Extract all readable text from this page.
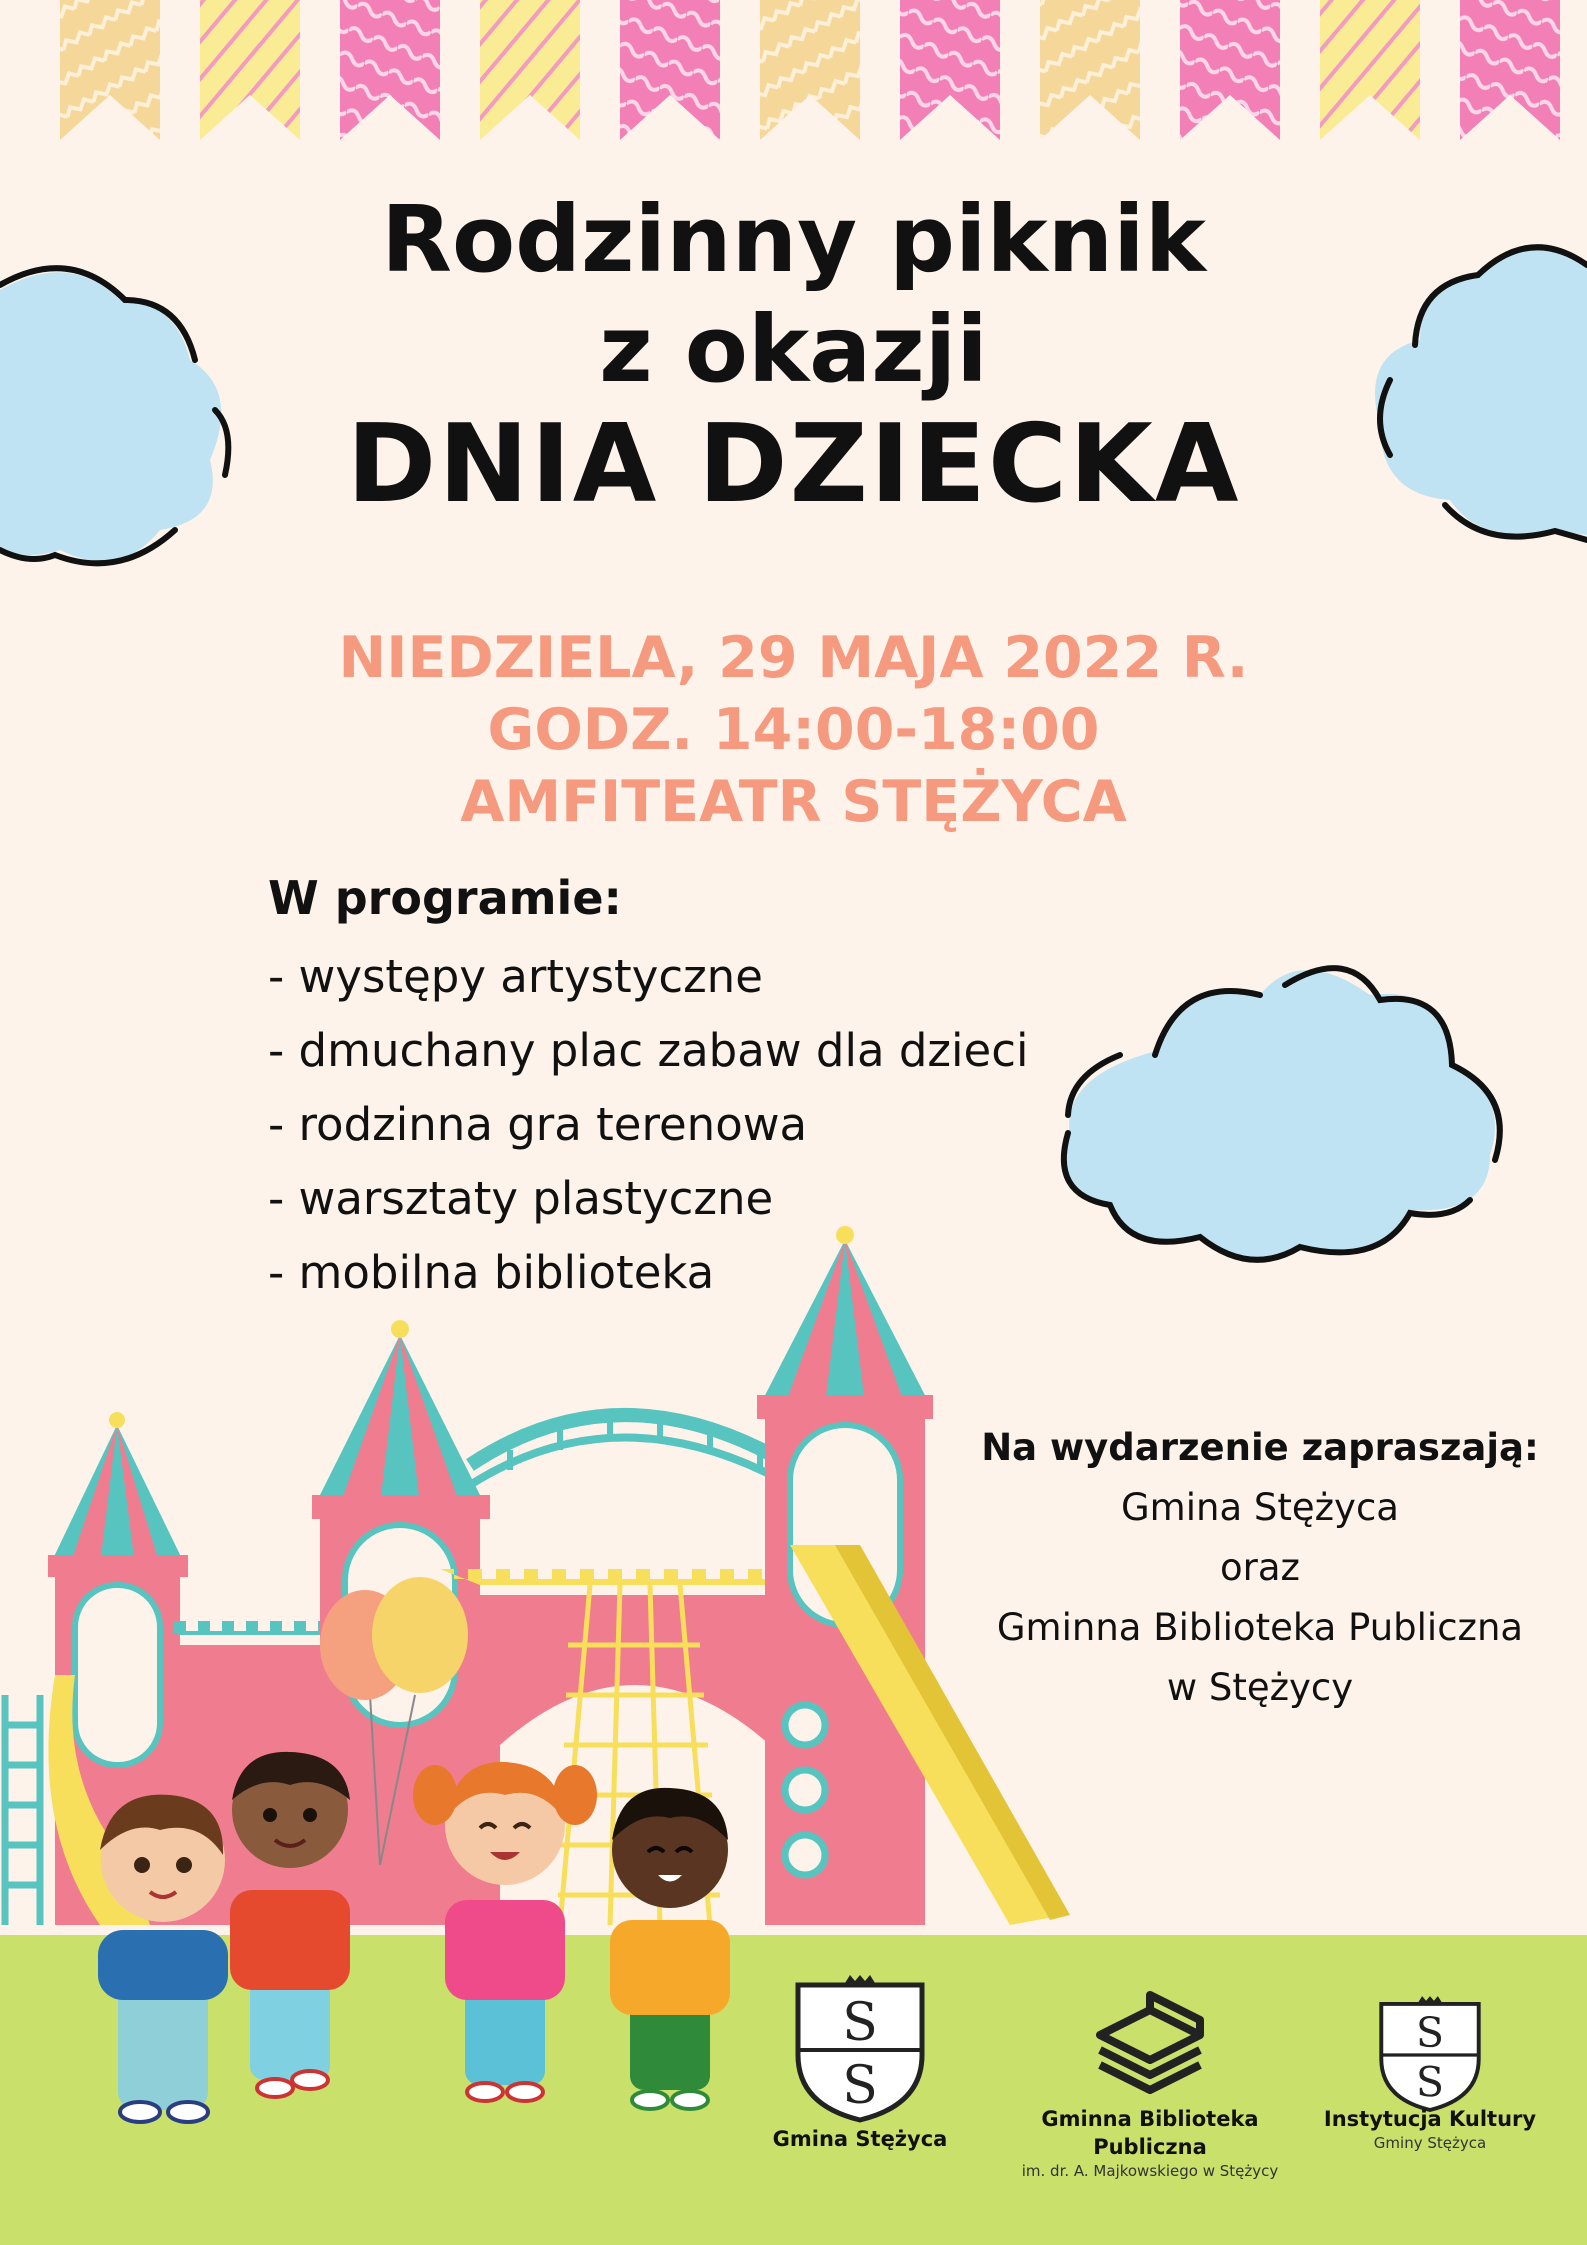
Rodzinny piknik
z okazji
DNIA DZIECKA
NIEDZIELA, 29 MAJA 2022 R.
GODZ. 14:00-18:00
AMFITEATR STĘŻYCA
W programie:
- występy artystyczne
- dmuchany plac zabaw dla dzieci
- rodzinna gra terenowa
- warsztaty plastyczne
- mobilna biblioteka
Na wydarzenie zapraszają:
Gmina Stężyca
oraz
Gminna Biblioteka Publiczna
w Stężycy
S
S
Gmina Stężyca
Gminna Biblioteka Publiczna
im. dr. A. Majkowskiego w Stężycy
S
S
Instytucja Kultury
Gminy Stężyca
